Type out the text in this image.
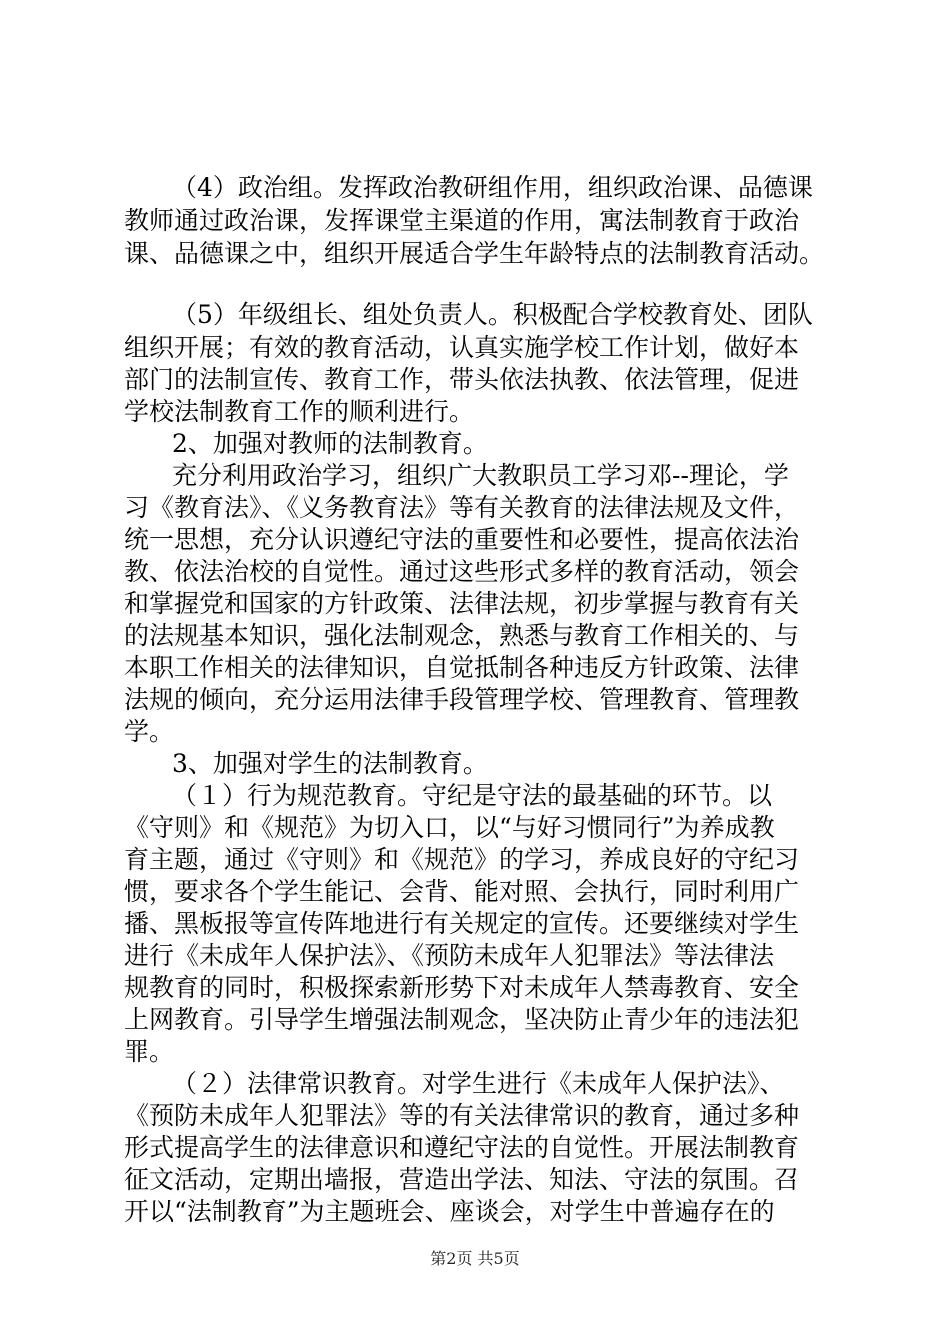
（4）政治组。发挥政治教研组作用，组织政治课、品德课
教师通过政治课，发挥课堂主渠道的作用，寓法制教育于政治
课、品德课之中，组织开展适合学生年龄特点的法制教育活动。
（5）年级组长、组处负责人。积极配合学校教育处、团队
组织开展；有效的教育活动，认真实施学校工作计划，做好本
部门的法制宣传、教育工作，带头依法执教、依法管理，促进
学校法制教育工作的顺利进行。
2、加强对教师的法制教育。
充分利用政治学习，组织广大教职员工学习邓--理论，学
习《教育法》、《义务教育法》等有关教育的法律法规及文件，
统一思想，充分认识遵纪守法的重要性和必要性，提高依法治
教、依法治校的自觉性。通过这些形式多样的教育活动，领会
和掌握党和国家的方针政策、法律法规，初步掌握与教育有关
的法规基本知识，强化法制观念，熟悉与教育工作相关的、与
本职工作相关的法律知识，自觉抵制各种违反方针政策、法律
法规的倾向，充分运用法律手段管理学校、管理教育、管理教
学。
3、加强对学生的法制教育。
（１）行为规范教育。守纪是守法的最基础的环节。以
《守则》和《规范》为切入口，以“与好习惯同行”为养成教
育主题，通过《守则》和《规范》的学习，养成良好的守纪习
惯，要求各个学生能记、会背、能对照、会执行，同时利用广
播、黑板报等宣传阵地进行有关规定的宣传。还要继续对学生
进行《未成年人保护法》、《预防未成年人犯罪法》等法律法
规教育的同时，积极探索新形势下对未成年人禁毒教育、安全
上网教育。引导学生增强法制观念，坚决防止青少年的违法犯
罪。
（２）法律常识教育。对学生进行《未成年人保护法》、
《预防未成年人犯罪法》等的有关法律常识的教育，通过多种
形式提高学生的法律意识和遵纪守法的自觉性。开展法制教育
征文活动，定期出墙报，营造出学法、知法、守法的氛围。召
开以“法制教育”为主题班会、座谈会，对学生中普遍存在的
第2页 共5页
